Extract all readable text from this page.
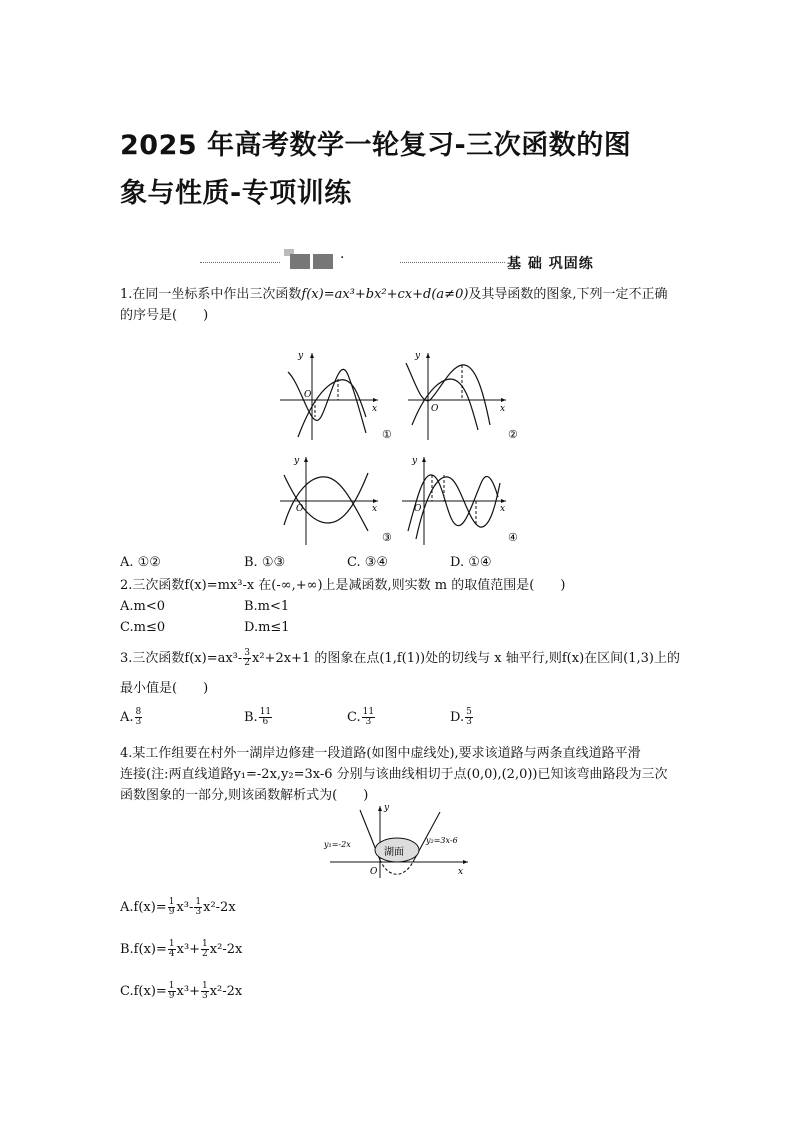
2025 年高考数学一轮复习-三次函数的图
象与性质-专项训练
·	基 础 巩固练
1.在同一坐标系中作出三次函数f(x)=ax³+bx²+cx+d(a≠0)及其导函数的图象,下列一定不正确的序号是(　　)
x
y
O
①
x
y
O
②
x
y
O
③
x
y
O
④
A. ①②	B. ①③	C. ③④	D. ①④
2.三次函数f(x)=mx³-x 在(-∞,+∞)上是减函数,则实数 m 的取值范围是(　　)
A.m<0	B.m<1
C.m≤0	D.m≤1
3.三次函数$f(x)=ax^3- \frac{3}{2} x^2+2x+1$ 的图象在点(1,f(1))处的切线与 x 轴平行,则f(x)在区间(1,3)上的
最小值是(　　)
A. $\frac{8}{3}$	B. $\frac{11}{6}$	C. $\frac{11}{3}$	D. $\frac{5}{3}$
4.某工作组要在村外一湖岸边修建一段道路(如图中虚线处),要求该道路与两条直线道路平滑
连接(注:两直线道路y₁=-2x,y₂=3x-6 分别与该曲线相切于点(0,0),(2,0))已知该弯曲路段为三次
函数图象的一部分,则该函数解析式为(　　)
y
x
O
湖面
y₁=-2x	y₂=3x-6
$A.f(x)= \frac{1}{9} x^3- \frac{1}{3} x^2-2x$
$B.f(x)= \frac{1}{4} x^3+ \frac{1}{2} x^2-2x$
$C.f(x)= \frac{1}{9} x^3+ \frac{1}{3} x^2-2x$
